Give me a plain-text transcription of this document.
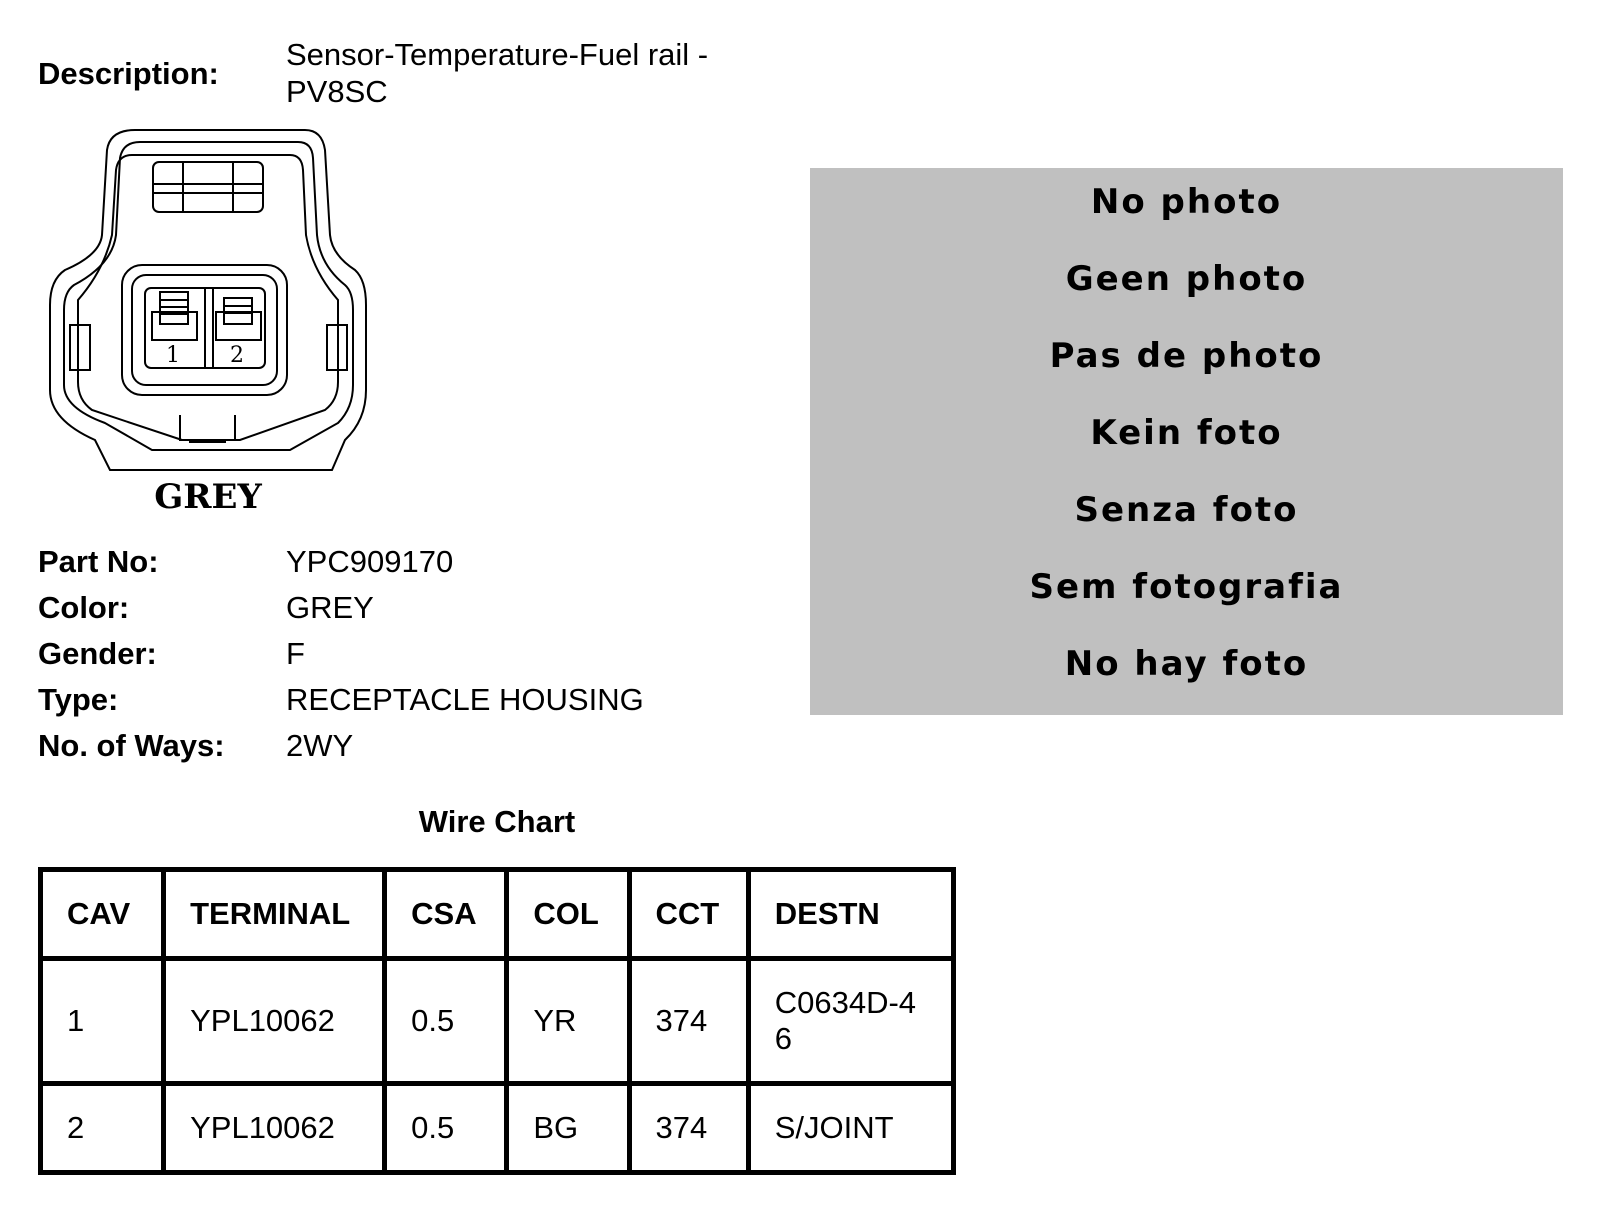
Description:
Sensor-Temperature-Fuel rail - PV8SC
1 2
GREY
Part No:	YPC909170
Color:	GREY
Gender:	F
Type:	RECEPTACLE HOUSING
No. of Ways: 2WY
No photo
Geen photo
Pas de photo
Kein foto
Senza foto
Sem fotografia
No hay foto
Wire Chart
CAV	TERMINAL	CSA	COL	CCT	DESTN
1	YPL10062	0.5	YR	374	C0634D-46
2	YPL10062	0.5	BG	374	S/JOINT
